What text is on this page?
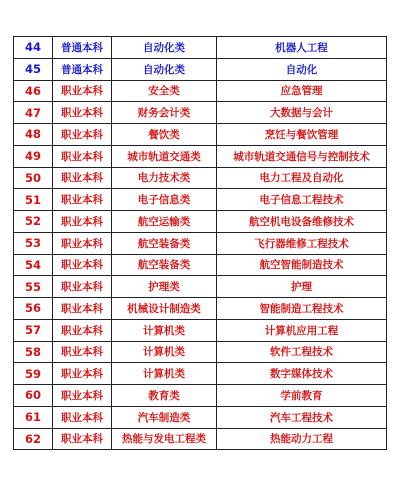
44	普通本科	自动化类	机器人工程
45	普通本科	自动化类	自动化
46	职业本科	安全类	应急管理
47	职业本科	财务会计类	大数据与会计
48	职业本科	餐饮类	烹饪与餐饮管理
49	职业本科	城市轨道交通类	城市轨道交通信号与控制技术
50	职业本科	电力技术类	电力工程及自动化
51	职业本科	电子信息类	电子信息工程技术
52	职业本科	航空运输类	航空机电设备维修技术
53	职业本科	航空装备类	飞行器维修工程技术
54	职业本科	航空装备类	航空智能制造技术
55	职业本科	护理类	护理
56	职业本科	机械设计制造类	智能制造工程技术
57	职业本科	计算机类	计算机应用工程
58	职业本科	计算机类	软件工程技术
59	职业本科	计算机类	数字媒体技术
60	职业本科	教育类	学前教育
61	职业本科	汽车制造类	汽车工程技术
62	职业本科	热能与发电工程类	热能动力工程
